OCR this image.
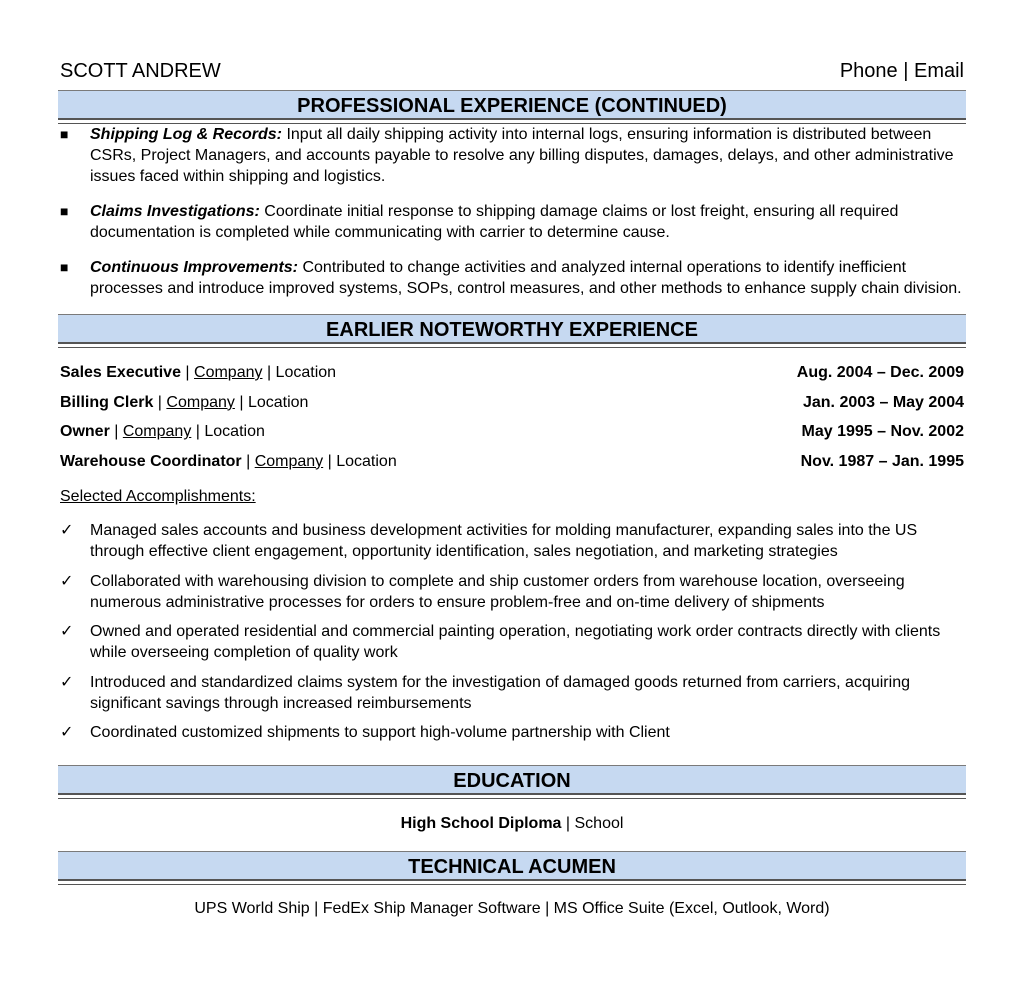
SCOTT ANDREW	Phone | Email
PROFESSIONAL EXPERIENCE (CONTINUED)
■	Shipping Log & Records: Input all daily shipping activity into internal logs, ensuring information is distributed between CSRs, Project Managers, and accounts payable to resolve any billing disputes, damages, delays, and other administrative issues faced within shipping and logistics.
■	Claims Investigations: Coordinate initial response to shipping damage claims or lost freight, ensuring all required documentation is completed while communicating with carrier to determine cause.
■	Continuous Improvements: Contributed to change activities and analyzed internal operations to identify inefficient processes and introduce improved systems, SOPs, control measures, and other methods to enhance supply chain division.
EARLIER NOTEWORTHY EXPERIENCE
Sales Executive | Company | Location	Aug. 2004 – Dec. 2009
Billing Clerk | Company | Location	Jan. 2003 – May 2004
Owner | Company | Location	May 1995 – Nov. 2002
Warehouse Coordinator | Company | Location	Nov. 1987 – Jan. 1995
Selected Accomplishments:
✓ Managed sales accounts and business development activities for molding manufacturer, expanding sales into the US through effective client engagement, opportunity identification, sales negotiation, and marketing strategies
✓ Collaborated with warehousing division to complete and ship customer orders from warehouse location, overseeing numerous administrative processes for orders to ensure problem-free and on-time delivery of shipments
✓ Owned and operated residential and commercial painting operation, negotiating work order contracts directly with clients while overseeing completion of quality work
✓ Introduced and standardized claims system for the investigation of damaged goods returned from carriers, acquiring significant savings through increased reimbursements
✓ Coordinated customized shipments to support high-volume partnership with Client
EDUCATION
High School Diploma | School
TECHNICAL ACUMEN
UPS World Ship | FedEx Ship Manager Software | MS Office Suite (Excel, Outlook, Word)
